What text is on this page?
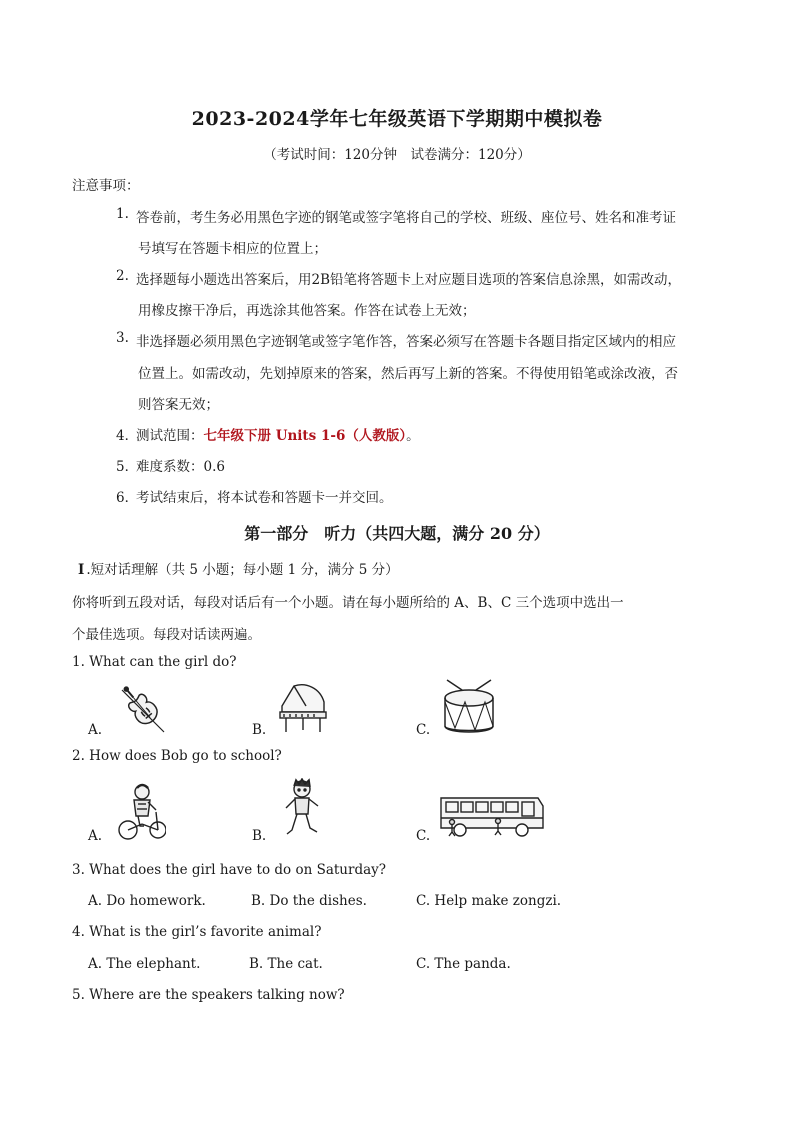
2023-2024学年七年级英语下学期期中模拟卷
（考试时间：120分钟　试卷满分：120分）
注意事项：
1. 答卷前，考生务必用黑色字迹的钢笔或签字笔将自己的学校、班级、座位号、姓名和准考证
号填写在答题卡相应的位置上；
2. 选择题每小题选出答案后，用2B铅笔将答题卡上对应题目选项的答案信息涂黑，如需改动，
用橡皮擦干净后，再选涂其他答案。作答在试卷上无效；
3. 非选择题必须用黑色字迹钢笔或签字笔作答，答案必须写在答题卡各题目指定区域内的相应
位置上。如需改动，先划掉原来的答案，然后再写上新的答案。不得使用铅笔或涂改液，否
则答案无效；
4．
测试范围：七年级下册 Units 1-6（人教版）。
5．
难度系数：0.6
6．
考试结束后，将本试卷和答题卡一并交回。
第一部分　听力（共四大题，满分 20 分）
Ⅰ .短对话理解（共 5 小题；每小题 1 分，满分 5 分）
你将听到五段对话，每段对话后有一个小题。请在每小题所给的 A、B、C 三个选项中选出一
个最佳选项。每段对话读两遍。
1. What can the girl do?
A.	B.	C.
2. How does Bob go to school?
A.	B.	C.
3. What does the girl have to do on Saturday?
A. Do homework.	B. Do the dishes.	C. Help make zongzi.
4. What is the girl’s favorite animal?
A. The elephant.	B. The cat.	C. The panda.
5. Where are the speakers talking now?
